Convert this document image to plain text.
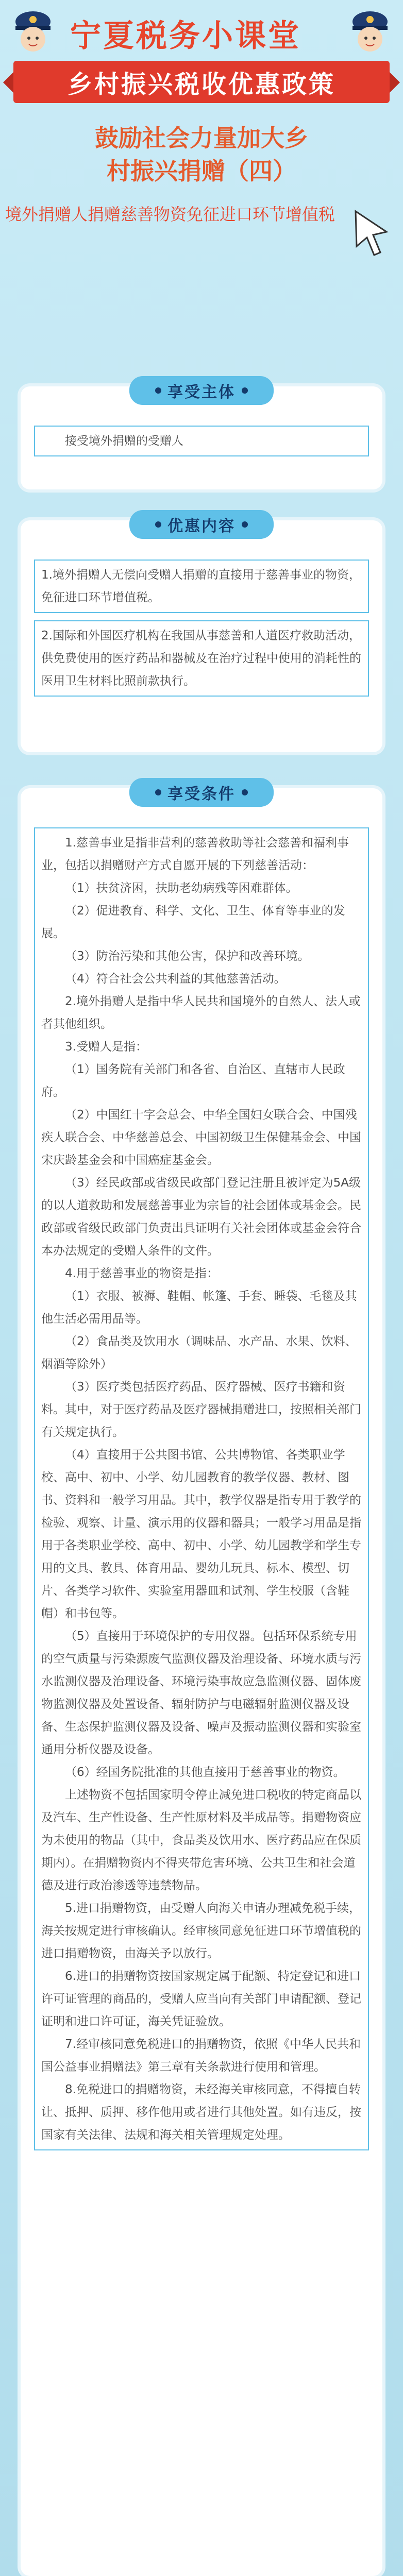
宁夏税务小课堂
乡村振兴税收优惠政策
鼓励社会力量加大乡
村振兴捐赠（四）
境外捐赠人捐赠慈善物资免征进口环节增值税
享受主体

接受境外捐赠的受赠人

优惠内容

1.境外捐赠人无偿向受赠人捐赠的直接用于慈善事业的物资，免征进口环节增值税。

2.国际和外国医疗机构在我国从事慈善和人道医疗救助活动，供免费使用的医疗药品和器械及在治疗过程中使用的消耗性的医用卫生材料比照前款执行。

享受条件

1.慈善事业是指非营利的慈善救助等社会慈善和福利事业，包括以捐赠财产方式自愿开展的下列慈善活动：

（1）扶贫济困，扶助老幼病残等困难群体。

（2）促进教育、科学、文化、卫生、体育等事业的发展。

（3）防治污染和其他公害，保护和改善环境。

（4）符合社会公共利益的其他慈善活动。

2.境外捐赠人是指中华人民共和国境外的自然人、法人或者其他组织。

3.受赠人是指：

（1）国务院有关部门和各省、自治区、直辖市人民政府。

（2）中国红十字会总会、中华全国妇女联合会、中国残疾人联合会、中华慈善总会、中国初级卫生保健基金会、中国宋庆龄基金会和中国癌症基金会。

（3）经民政部或省级民政部门登记注册且被评定为5A级的以人道救助和发展慈善事业为宗旨的社会团体或基金会。民政部或省级民政部门负责出具证明有关社会团体或基金会符合本办法规定的受赠人条件的文件。

4.用于慈善事业的物资是指：

（1）衣服、被褥、鞋帽、帐篷、手套、睡袋、毛毯及其他生活必需用品等。

（2）食品类及饮用水（调味品、水产品、水果、饮料、烟酒等除外）

（3）医疗类包括医疗药品、医疗器械、医疗书籍和资料。其中，对于医疗药品及医疗器械捐赠进口，按照相关部门有关规定执行。

（4）直接用于公共图书馆、公共博物馆、各类职业学校、高中、初中、小学、幼儿园教育的教学仪器、教材、图书、资料和一般学习用品。其中，教学仪器是指专用于教学的检验、观察、计量、演示用的仪器和器具；一般学习用品是指用于各类职业学校、高中、初中、小学、幼儿园教学和学生专用的文具、教具、体育用品、婴幼儿玩具、标本、模型、切片、各类学习软件、实验室用器皿和试剂、学生校服（含鞋帽）和书包等。

（5）直接用于环境保护的专用仪器。包括环保系统专用的空气质量与污染源废气监测仪器及治理设备、环境水质与污水监测仪器及治理设备、环境污染事故应急监测仪器、固体废物监测仪器及处置设备、辐射防护与电磁辐射监测仪器及设备、生态保护监测仪器及设备、噪声及振动监测仪器和实验室通用分析仪器及设备。

（6）经国务院批准的其他直接用于慈善事业的物资。

上述物资不包括国家明令停止减免进口税收的特定商品以及汽车、生产性设备、生产性原材料及半成品等。捐赠物资应为未使用的物品（其中，食品类及饮用水、医疗药品应在保质期内）。在捐赠物资内不得夹带危害环境、公共卫生和社会道德及进行政治渗透等违禁物品。

5.进口捐赠物资，由受赠人向海关申请办理减免税手续，海关按规定进行审核确认。经审核同意免征进口环节增值税的进口捐赠物资，由海关予以放行。

6.进口的捐赠物资按国家规定属于配额、特定登记和进口许可证管理的商品的，受赠人应当向有关部门申请配额、登记证明和进口许可证，海关凭证验放。

7.经审核同意免税进口的捐赠物资，依照《中华人民共和国公益事业捐赠法》第三章有关条款进行使用和管理。

8.免税进口的捐赠物资，未经海关审核同意，不得擅自转让、抵押、质押、移作他用或者进行其他处置。如有违反，按国家有关法律、法规和海关相关管理规定处理。
